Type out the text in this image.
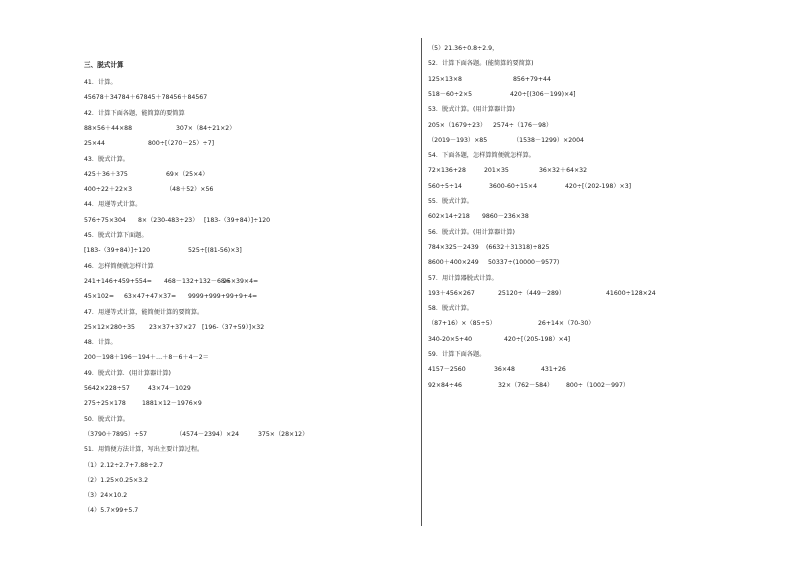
三、脱式计算
41．计算。
45678＋34784＋67845＋78456＋84567
42．计算下面各题，能简算的要简算
88×56＋44×88	307×（84÷21×2）
25×44	800÷[（270－25）÷7]
43．脱式计算。
425＋36＋375	69×（25×4）
400÷22＋22×3	（48＋52）×56
44．用递等式计算。
576÷75×304 8×（230-483÷23） [183-（39+84）]÷120
45．脱式计算下面题。
[183-（39+84）]÷120	525÷[(81-56)×3]
46．怎样简便就怎样计算
241+146+459+554= 468－132+132－68=
25×39×4=
45×102= 63×47+47×37= 9999+999+99+9+4=
47．用递等式计算，能简便计算的要简算。
25×12×280÷35 23×37+37×27 [196-（37+59）]×32
48．计算。
200－198＋196－194＋…＋8－6＋4－2＝
49．脱式计算．(用计算器计算)
5642×228÷57	43×74－1029
275÷25×178	1881×12－1976×9
50．脱式计算。
（3790＋7895）÷57	（4574－2394）×24	375×（28×12）
51．用简便方法计算，写出主要计算过程。
（1）2.12÷2.7+7.88÷2.7
（2）1.25×0.25×3.2
（3）24×10.2
（4）5.7×99+5.7
（5）21.36÷0.8÷2.9，
52．计算下面各题。(能简算的要简算)
125×13×8	856+79+44
518－60÷2×5	420÷[(306－199)×4]
53．脱式计算。(用计算器计算)
205×（1679÷23） 2574÷（176－98）
（2019－193）×85	（1538－1299）×2004
54．下面各题，怎样算简便就怎样算。
72×136+28	201×35	36×32＋64×32
560÷5÷14	3600-60÷15×4	420÷[（202-198）×3]
55．脱式计算。
602×14÷218 9860－236×38
56．脱式计算。(用计算器计算)
784×325－2439 (6632＋31318)÷825
8600＋400×249 50337÷(10000－9577)
57．用计算器脱式计算。
193＋456×267	25120÷（449－289）	41600÷128×24
58．脱式计算。
（87+16）×（85÷5）	26+14×（70-30）
340-20×5+40	420÷[（205-198）×4]
59．计算下面各题。
4157－2560	36×48	431+26
92×84÷46	32×（762－584） 800÷（1002－997）
